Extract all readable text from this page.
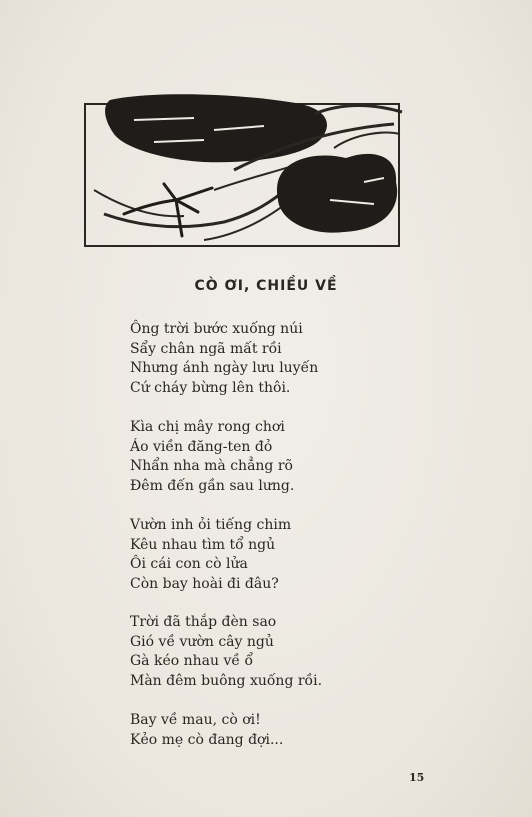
CÒ ƠI, CHIỀU VỀ
Ông trời bước xuống núi
Sẩy chân ngã mất rồi
Nhưng ánh ngày lưu luyến
Cứ cháy bừng lên thôi.
Kìa chị mây rong chơi
Áo viền đăng-ten đỏ
Nhẩn nha mà chẳng rõ
Đêm đến gần sau lưng.
Vườn inh ỏi tiếng chim
Kêu nhau tìm tổ ngủ
Ôi cái con cò lửa
Còn bay hoài đi đâu?
Trời đã thắp đèn sao
Gió về vườn cây ngủ
Gà kéo nhau về ổ
Màn đêm buông xuống rồi.
Bay về mau, cò ơi!
Kẻo mẹ cò đang đợi...
15
